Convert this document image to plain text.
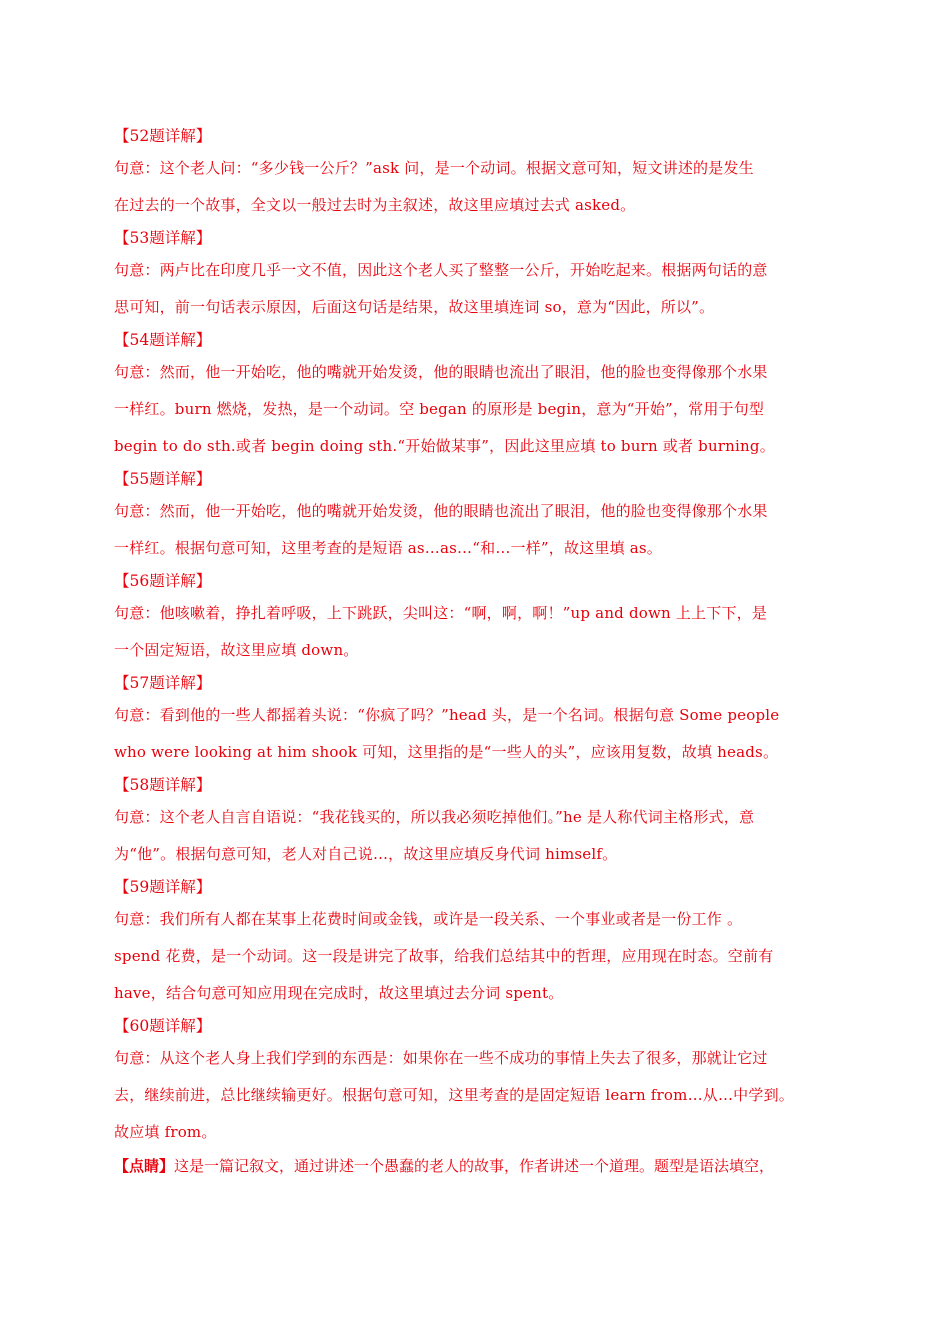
【52题详解】
句意：这个老人问：“多少钱一公斤？”ask 问，是一个动词。根据文意可知，短文讲述的是发生
在过去的一个故事，全文以一般过去时为主叙述，故这里应填过去式 asked。
【53题详解】
句意：两卢比在印度几乎一文不值，因此这个老人买了整整一公斤，开始吃起来。根据两句话的意
思可知，前一句话表示原因，后面这句话是结果，故这里填连词 so，意为“因此，所以”。
【54题详解】
句意：然而，他一开始吃，他的嘴就开始发烫，他的眼睛也流出了眼泪，他的脸也变得像那个水果
一样红。burn 燃烧，发热，是一个动词。空 began 的原形是 begin，意为“开始”，常用于句型
begin to do sth.或者 begin doing sth.“开始做某事”，因此这里应填 to burn 或者 burning。
【55题详解】
句意：然而，他一开始吃，他的嘴就开始发烫，他的眼睛也流出了眼泪，他的脸也变得像那个水果
一样红。根据句意可知，这里考查的是短语 as…as…“和…一样”，故这里填 as。
【56题详解】
句意：他咳嗽着，挣扎着呼吸，上下跳跃，尖叫这：“啊，啊，啊！”up and down 上上下下，是
一个固定短语，故这里应填 down。
【57题详解】
句意：看到他的一些人都摇着头说：“你疯了吗？”head 头，是一个名词。根据句意 Some people
who were looking at him shook 可知，这里指的是“一些人的头”，应该用复数，故填 heads。
【58题详解】
句意：这个老人自言自语说：“我花钱买的，所以我必须吃掉他们。”he 是人称代词主格形式，意
为“他”。根据句意可知，老人对自己说…，故这里应填反身代词 himself。
【59题详解】
句意：我们所有人都在某事上花费时间或金钱，或许是一段关系、一个事业或者是一份工作 。
spend 花费，是一个动词。这一段是讲完了故事，给我们总结其中的哲理，应用现在时态。空前有
have，结合句意可知应用现在完成时，故这里填过去分词 spent。
【60题详解】
句意：从这个老人身上我们学到的东西是：如果你在一些不成功的事情上失去了很多，那就让它过
去，继续前进，总比继续输更好。根据句意可知，这里考查的是固定短语 learn from…从…中学到。
故应填 from。
【点睛】这是一篇记叙文，通过讲述一个愚蠢的老人的故事，作者讲述一个道理。题型是语法填空，
